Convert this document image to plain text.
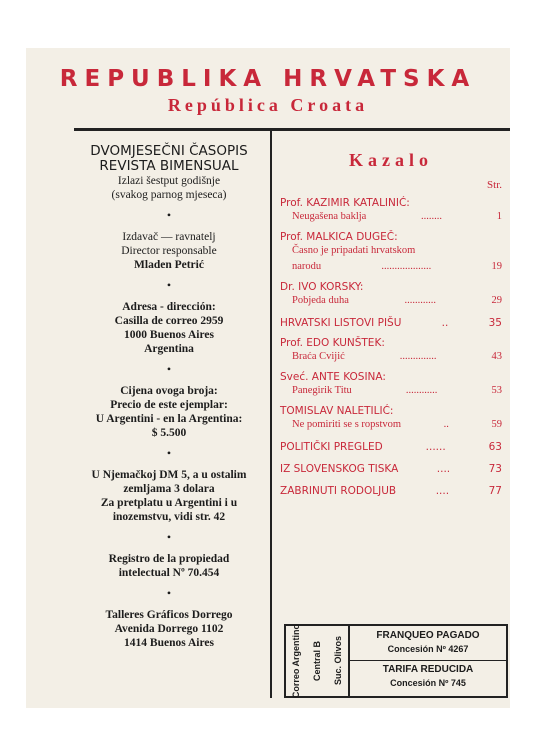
REPUBLIKA HRVATSKA
República Croata
DVOMJESEČNI ČASOPIS
REVISTA BIMENSUAL
Izlazi šestput godišnje
(svakog parnog mjeseca)
•
Izdavač — ravnatelj
Director responsable
Mladen Petrić
•
Adresa - dirección:
Casilla de correo 2959
1000 Buenos Aires
Argentina
•
Cijena ovoga broja:
Precio de este ejemplar:
U Argentini - en la Argentina:
$ 5.500
•
U Njemačkoj DM 5, a u ostalim
zemljama 3 dolara
Za pretplatu u Argentini i u
inozemstvu, vidi str. 42
•
Registro de la propiedad
intelectual Nº 70.454
•
Talleres Gráficos Dorrego
Avenida Dorrego 1102
1414 Buenos Aires
Kazalo
Str.
Prof. KAZIMIR KATALINIĆ:
Neugašena baklja	........	1
Prof. MALKICA DUGEČ:
Časno je pripadati hrvatskom
narodu	...................	19
Dr. IVO KORSKY:
Pobjeda duha	............	29
HRVATSKI LISTOVI PIŠU	..	35
Prof. EDO KUNŠTEK:
Braća Cvijić	..............	43
Sveć. ANTE KOSINA:
Panegirik Titu	............	53
TOMISLAV NALETILIĆ:
Ne pomiriti se s ropstvom	..	59
POLITIČKI PREGLED	......	63
IZ SLOVENSKOG TISKA	....	73
ZABRINUTI RODOLJUB	....	77
Correo Argentino Central B Suc. Olivos
FRANQUEO PAGADO
Concesión Nº 4267
TARIFA REDUCIDA
Concesión Nº 745
